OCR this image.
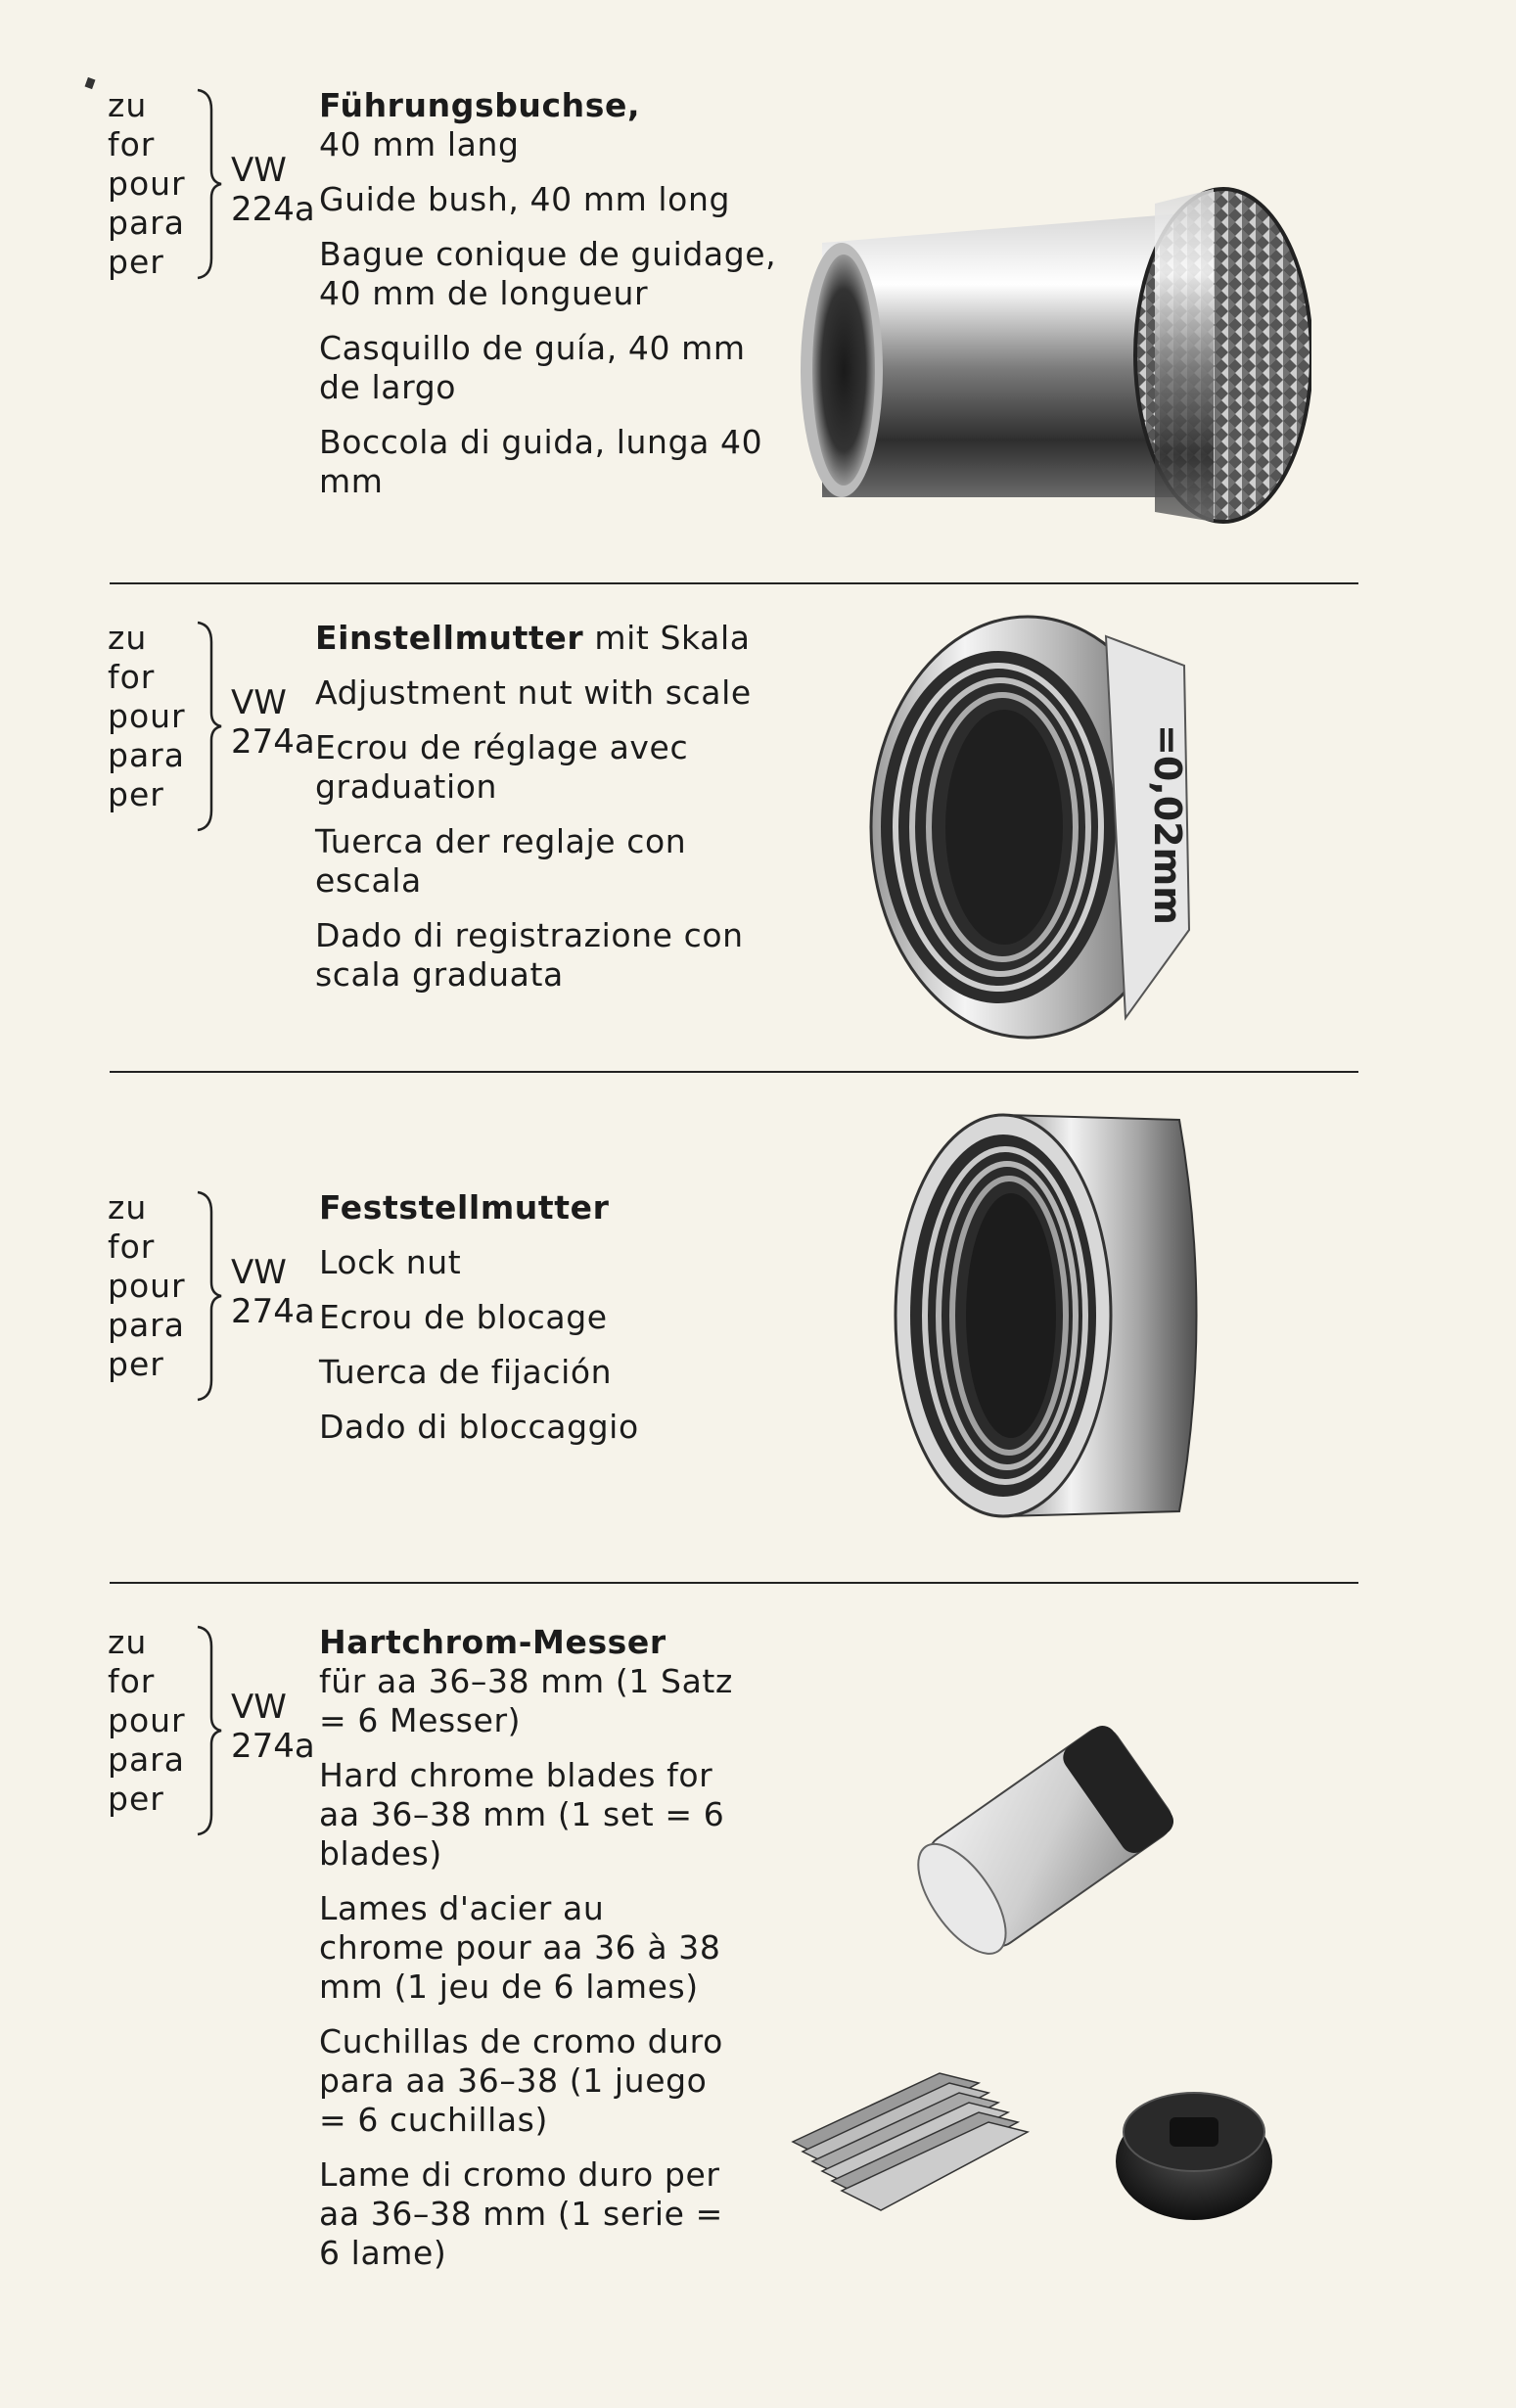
zu
for
pour
para
per
VW
224a

Führungsbuchse,

40 mm lang

Guide bush, 40 mm long

Bague conique de guidage, 40 mm de longueur

Casquillo de guía, 40 mm de largo

Boccola di guida, lunga 40 mm

zu
for
pour
para
per
VW
274a

Einstellmutter mit Skala

Adjustment nut with scale

Ecrou de réglage avec graduation

Tuerca der reglaje con escala

Dado di registrazione con scala graduata

=0,02mm
zu
for
pour
para
per
VW
274a

Feststellmutter

Lock nut

Ecrou de blocage

Tuerca de fijación

Dado di bloccaggio

zu
for
pour
para
per
VW
274a

Hartchrom-Messer

für aa 36–38 mm (1 Satz = 6 Messer)

Hard chrome blades for aa 36–38 mm (1 set = 6 blades)

Lames d'acier au chrome pour aa 36 à 38 mm (1 jeu de 6 lames)

Cuchillas de cromo duro para aa 36–38 (1 juego = 6 cuchillas)

Lame di cromo duro per aa 36–38 mm (1 serie = 6 lame)
